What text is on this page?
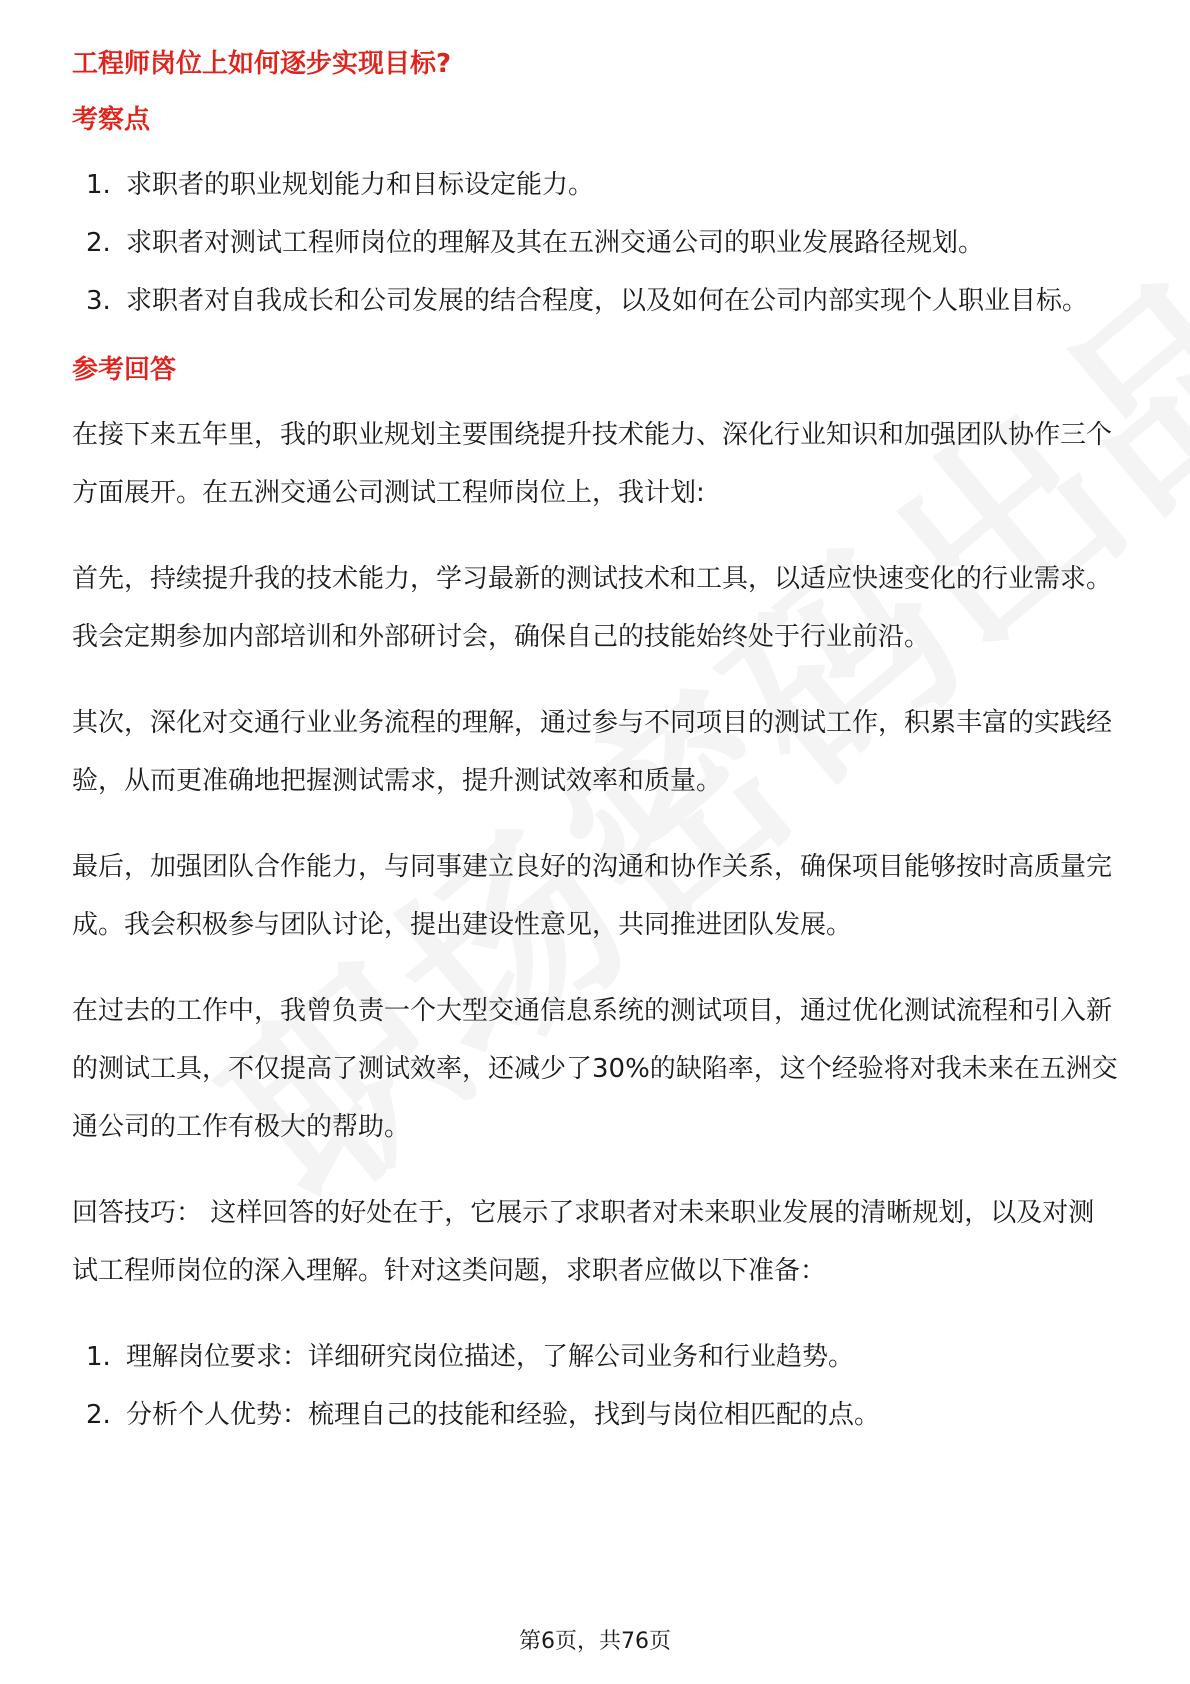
工程师岗位上如何逐步实现目标?
考察点
1. 求职者的职业规划能力和目标设定能力。
2. 求职者对测试工程师岗位的理解及其在五洲交通公司的职业发展路径规划。
3. 求职者对自我成长和公司发展的结合程度，以及如何在公司内部实现个人职业目标。
参考回答

在接下来五年里，我的职业规划主要围绕提升技术能力、深化行业知识和加强团队协作三个方面展开。在五洲交通公司测试工程师岗位上，我计划:

首先，持续提升我的技术能力，学习最新的测试技术和工具，以适应快速变化的行业需求。我会定期参加内部培训和外部研讨会，确保自己的技能始终处于行业前沿。

其次，深化对交通行业业务流程的理解，通过参与不同项目的测试工作，积累丰富的实践经验，从而更准确地把握测试需求，提升测试效率和质量。

最后，加强团队合作能力，与同事建立良好的沟通和协作关系，确保项目能够按时高质量完成。我会积极参与团队讨论，提出建设性意见，共同推进团队发展。

在过去的工作中，我曾负责一个大型交通信息系统的测试项目，通过优化测试流程和引入新的测试工具，不仅提高了测试效率，还减少了30%的缺陷率，这个经验将对我未来在五洲交通公司的工作有极大的帮助。

回答技巧： 这样回答的好处在于，它展示了求职者对未来职业发展的清晰规划，以及对测试工程师岗位的深入理解。针对这类问题，求职者应做以下准备：

1. 理解岗位要求：详细研究岗位描述，了解公司业务和行业趋势。
2. 分析个人优势：梳理自己的技能和经验，找到与岗位相匹配的点。
第6页，共76页
